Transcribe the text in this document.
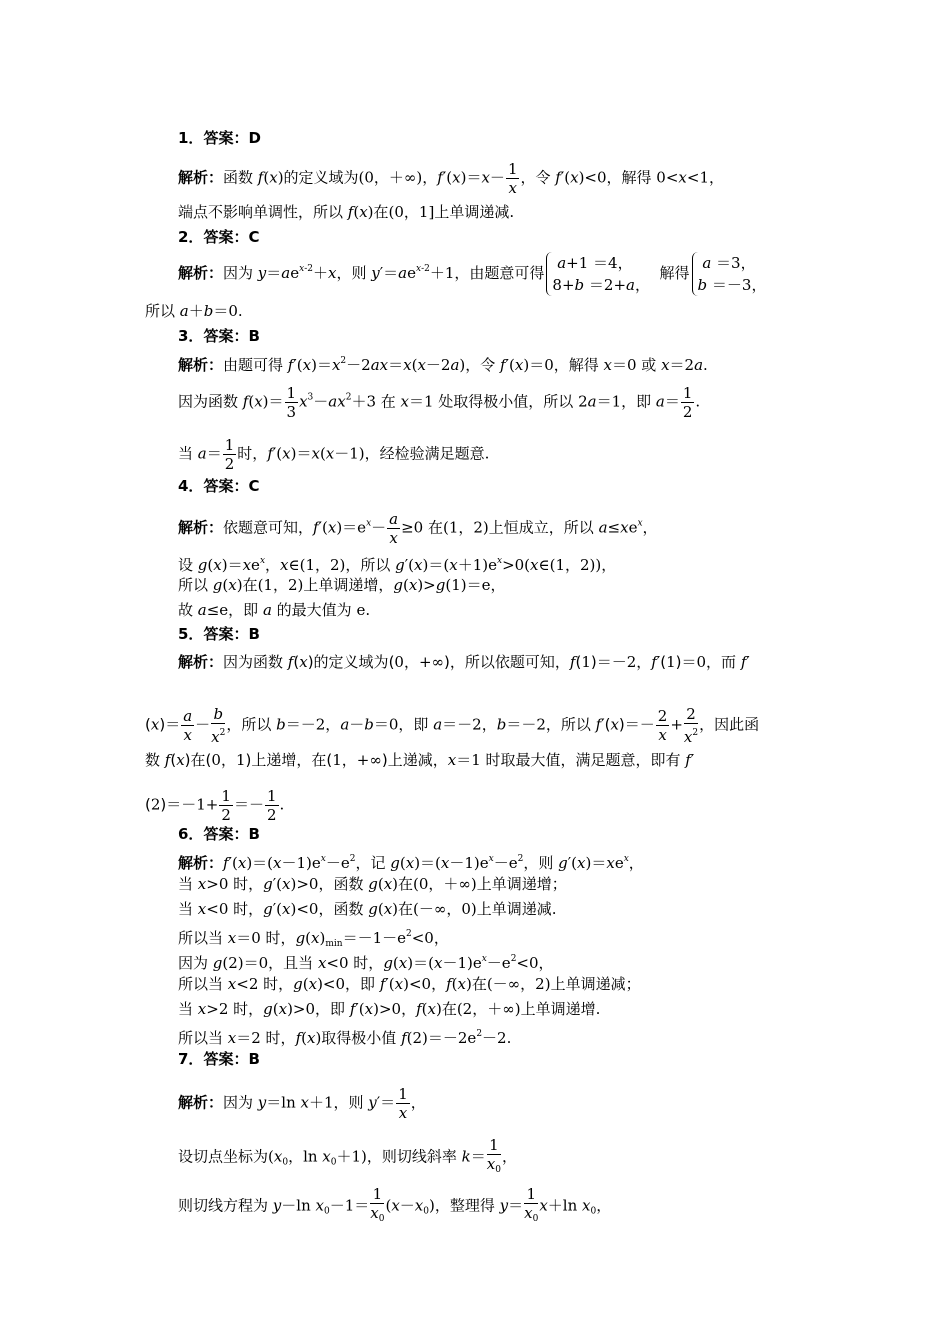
1．答案：D
解析：函数 f(x)的定义域为(0，＋∞)，$f'(x)=x- \frac{1}{x}$ ，令 f′(x)<0，解得 0<x<1，
端点不影响单调性，所以 f(x)在(0，1]上单调递减.
2．答案：C
解析：因为 $y=ae^{x-2}+x$，则 $y'=ae^{x-2}+1$，由题意可得
a+1 ＝4，
8+b ＝2+a，
解得
a ＝3，
b ＝－3，
所以 a＋b＝0.
3．答案：B
解析：由题可得 $f'(x)=x^2-2ax=x(x-2a)$，令 f′(x)＝0，解得 x＝0 或 x＝2a.
因为函数 $f(x)= \frac{1}{3} x^3-ax^2+3$ 在 x＝1 处取得极小值，所以 2a＝1，即 $a= \frac{1}{2}$ .
当 $a= \frac{1}{2}$ 时，f′(x)＝x(x－1)，经检验满足题意.
4．答案：C
解析：依题意可知，$f'(x)=e^x- \frac{a}{x} \ge 0$ 在(1，2)上恒成立，所以 $a\le xe^x$，
设 $g(x)=xe^x$，x∈(1，2)，所以 $g'(x)=(x+1)e^x>0(x\in(1$，2))，
所以 g(x)在(1，2)上单调递增，g(x)>g(1)＝e，
故 a≤e，即 a 的最大值为 e.
5．答案：B
解析：因为函数 f(x)的定义域为(0，+∞)，所以依题可知，f(1)＝－2，f′(1)＝0，而 f′
$(x)= \frac{a}{x} - \frac{b}{x^2}$ ，所以 b＝－2，a－b＝0，即 a＝－2，b＝－2，所以 $f'(x)=- \frac{2}{x} + \frac{2}{x^2}$ ，因此函
数 f(x)在(0，1)上递增，在(1，+∞)上递减，x＝1 时取最大值，满足题意，即有 f′
$(2)=-1+ \frac{1}{2} =- \frac{1}{2}$ .
6．答案：B
解析：$f'(x)=(x-1)e^x-e^2$，记 $g(x)=(x-1)e^x-e^2$，则 $g'(x)=xe^x$，
当 x>0 时，g′(x)>0，函数 g(x)在(0，＋∞)上单调递增；
当 x<0 时，g′(x)<0，函数 g(x)在(－∞，0)上单调递减.
所以当 x＝0 时，$g(x)_{min}=-1-e^2<0$，
因为 g(2)＝0，且当 x<0 时，$g(x)=(x-1)e^x-e^2<0$，
所以当 x<2 时，g(x)<0，即 f′(x)<0，f(x)在(－∞，2)上单调递减；
当 x>2 时，g(x)>0，即 f′(x)>0，f(x)在(2，＋∞)上单调递增.
所以当 x＝2 时，f(x)取得极小值 $f(2)=-2e^2-2$.
7．答案：B
解析：因为 y＝ln x＋1，则 $y'= \frac{1}{x}$ ，
设切点坐标为($x_0$，$\ln x_0+1$)，则切线斜率 $k= \frac{1}{x_0}$ ，
则切线方程为 y－ln $x_0-1= \frac{1}{x_0} (x-x_0)$，整理得 $y= \frac{1}{x_0} x+\ln$ $x_0$，
